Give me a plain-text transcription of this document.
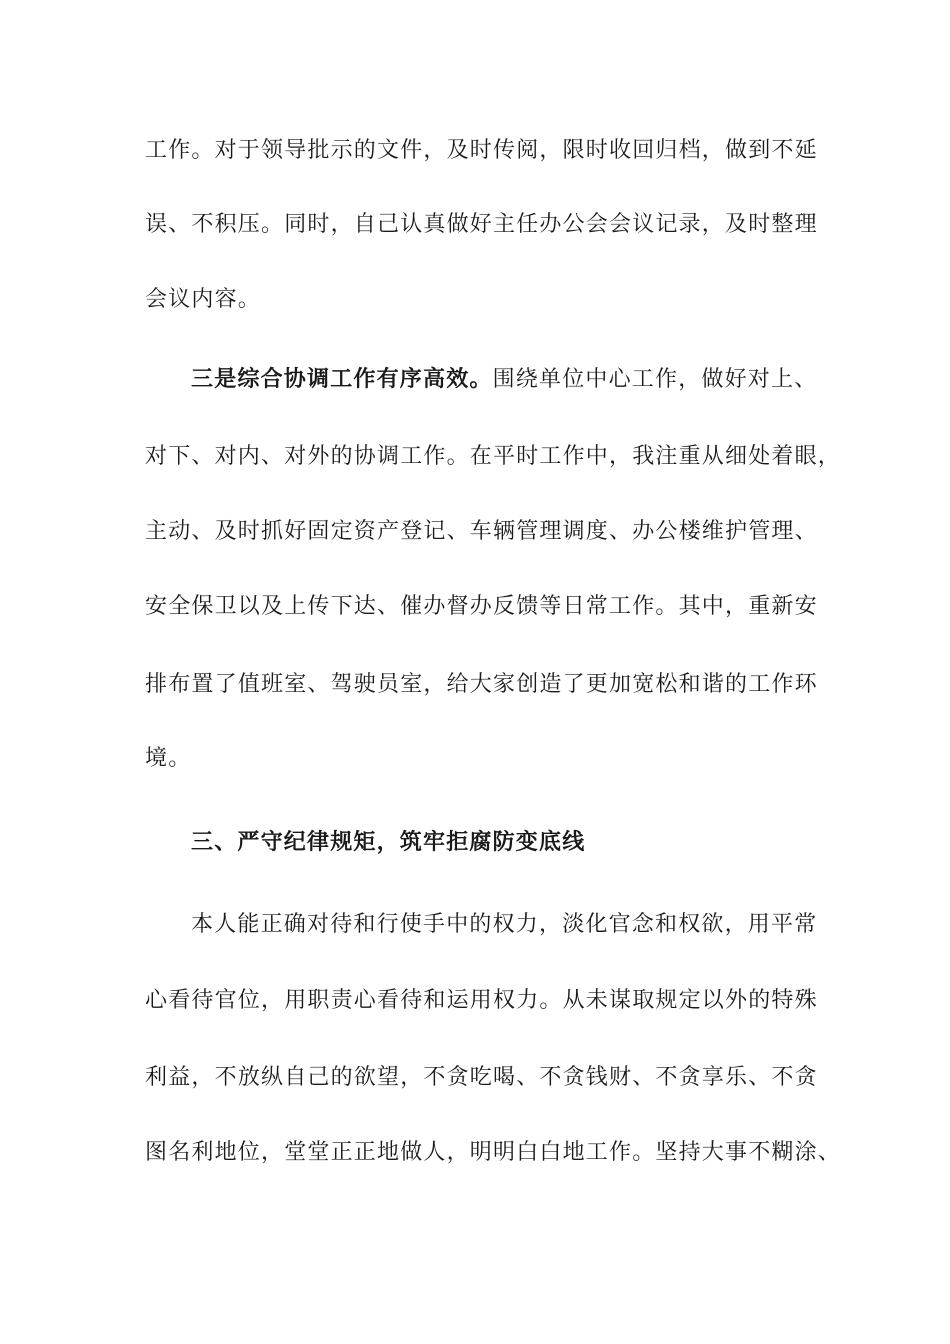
工作。对于领导批示的文件，及时传阅，限时收回归档，做到不延
误、不积压。同时，自己认真做好主任办公会会议记录，及时整理
会议内容。
三是综合协调工作有序高效。围绕单位中心工作，做好对上、
对下、对内、对外的协调工作。在平时工作中，我注重从细处着眼，
主动、及时抓好固定资产登记、车辆管理调度、办公楼维护管理、
安全保卫以及上传下达、催办督办反馈等日常工作。其中，重新安
排布置了值班室、驾驶员室，给大家创造了更加宽松和谐的工作环
境。
三、严守纪律规矩，筑牢拒腐防变底线
本人能正确对待和行使手中的权力，淡化官念和权欲，用平常
心看待官位，用职责心看待和运用权力。从未谋取规定以外的特殊
利益，不放纵自己的欲望，不贪吃喝、不贪钱财、不贪享乐、不贪
图名利地位，堂堂正正地做人，明明白白地工作。坚持大事不糊涂、
